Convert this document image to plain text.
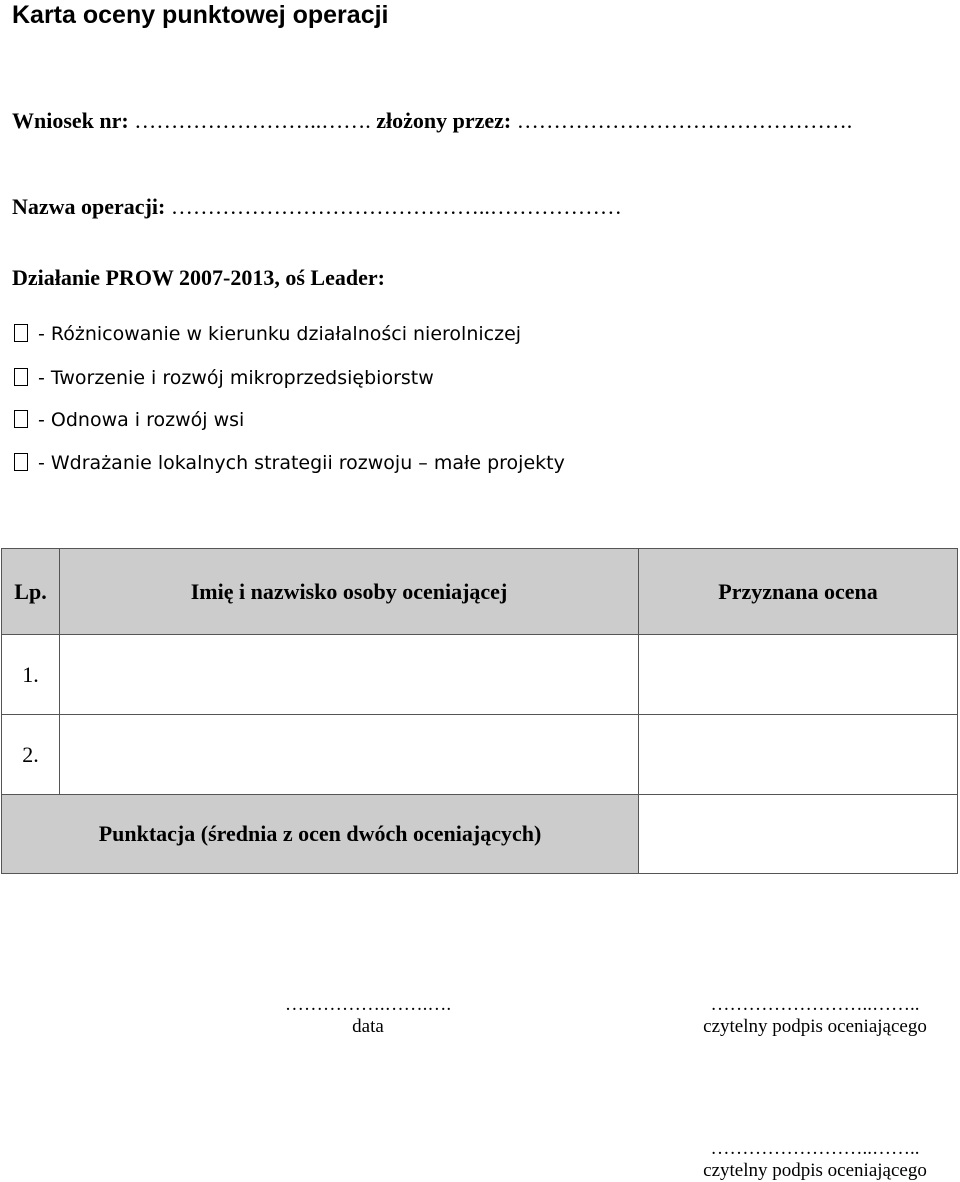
Karta oceny punktowej operacji
Wniosek nr: ……………………..……. złożony przez: ……………………………………….
Nazwa operacji: ……………………………………..………………
Działanie PROW 2007-2013, oś Leader:
- Różnicowanie w kierunku działalności nierolniczej
- Tworzenie i rozwój mikroprzedsiębiorstw
- Odnowa i rozwój wsi
- Wdrażanie lokalnych strategii rozwoju – małe projekty
Lp.	Imię i nazwisko osoby oceniającej	Przyznana ocena
1.		
2.		
Punktacja (średnia z ocen dwóch oceniających)		
…………….…….….
data
……………………..……..
czytelny podpis oceniającego
……………………..……..
czytelny podpis oceniającego
